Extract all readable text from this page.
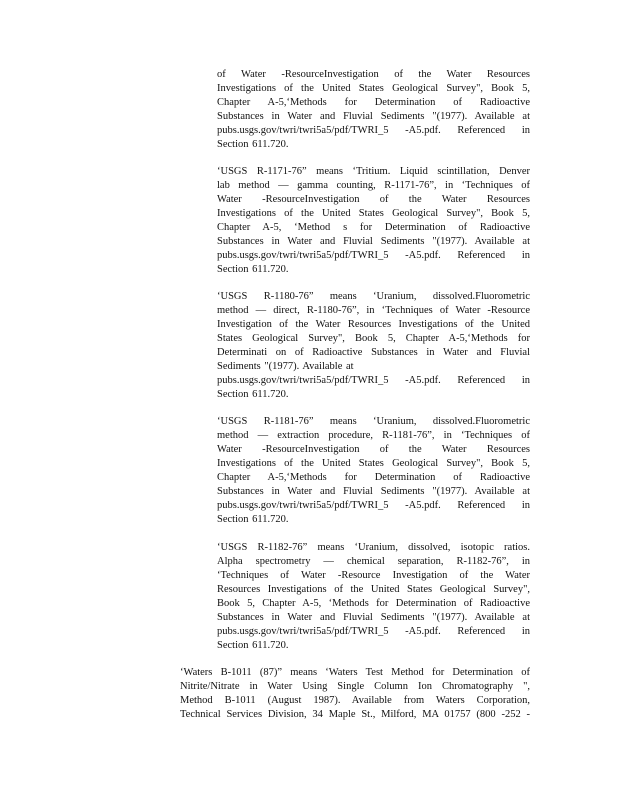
of Water -ResourceInvestigation of the Water Resources
Investigations of the United States Geological Survey", Book 5,
Chapter A-5,‘Methods for Determination of Radioactive
Substances in Water and Fluvial Sediments "(1977). Available at
pubs.usgs.gov/twri/twri5a5/pdf/TWRI_5 -A5.pdf. Referenced in
Section 611.720.
‘USGS R-1171-76” means ‘Tritium. Liquid scintillation, Denver
lab method — gamma counting, R-1171-76”, in ‘Techniques of
Water -ResourceInvestigation of the Water Resources
Investigations of the United States Geological Survey", Book 5,
Chapter A-5, ‘Method s for Determination of Radioactive
Substances in Water and Fluvial Sediments "(1977). Available at
pubs.usgs.gov/twri/twri5a5/pdf/TWRI_5 -A5.pdf. Referenced in
Section 611.720.
‘USGS R-1180-76” means ‘Uranium, dissolved.Fluorometric
method — direct, R-1180-76”, in ‘Techniques of Water -Resource
Investigation of the Water Resources Investigations of the United
States Geological Survey", Book 5, Chapter A-5,‘Methods for
Determinati on of Radioactive Substances in Water and Fluvial
Sediments "(1977). Available at
pubs.usgs.gov/twri/twri5a5/pdf/TWRI_5 -A5.pdf. Referenced in
Section 611.720.
‘USGS R-1181-76” means ‘Uranium, dissolved.Fluorometric
method — extraction procedure, R-1181-76”, in ‘Techniques of
Water -ResourceInvestigation of the Water Resources
Investigations of the United States Geological Survey", Book 5,
Chapter A-5,‘Methods for Determination of Radioactive
Substances in Water and Fluvial Sediments "(1977). Available at
pubs.usgs.gov/twri/twri5a5/pdf/TWRI_5 -A5.pdf. Referenced in
Section 611.720.
‘USGS R-1182-76” means ‘Uranium, dissolved, isotopic ratios.
Alpha spectrometry — chemical separation, R-1182-76”, in
‘Techniques of Water -Resource Investigation of the Water
Resources Investigations of the United States Geological Survey",
Book 5, Chapter A-5, ‘Methods for Determination of Radioactive
Substances in Water and Fluvial Sediments "(1977). Available at
pubs.usgs.gov/twri/twri5a5/pdf/TWRI_5 -A5.pdf. Referenced in
Section 611.720.
‘Waters B-1011 (87)” means ‘Waters Test Method for Determination of
Nitrite/Nitrate in Water Using Single Column Ion Chromatography ",
Method B-1011 (August 1987). Available from Waters Corporation,
Technical Services Division, 34 Maple St., Milford, MA 01757 (800 -252 -
